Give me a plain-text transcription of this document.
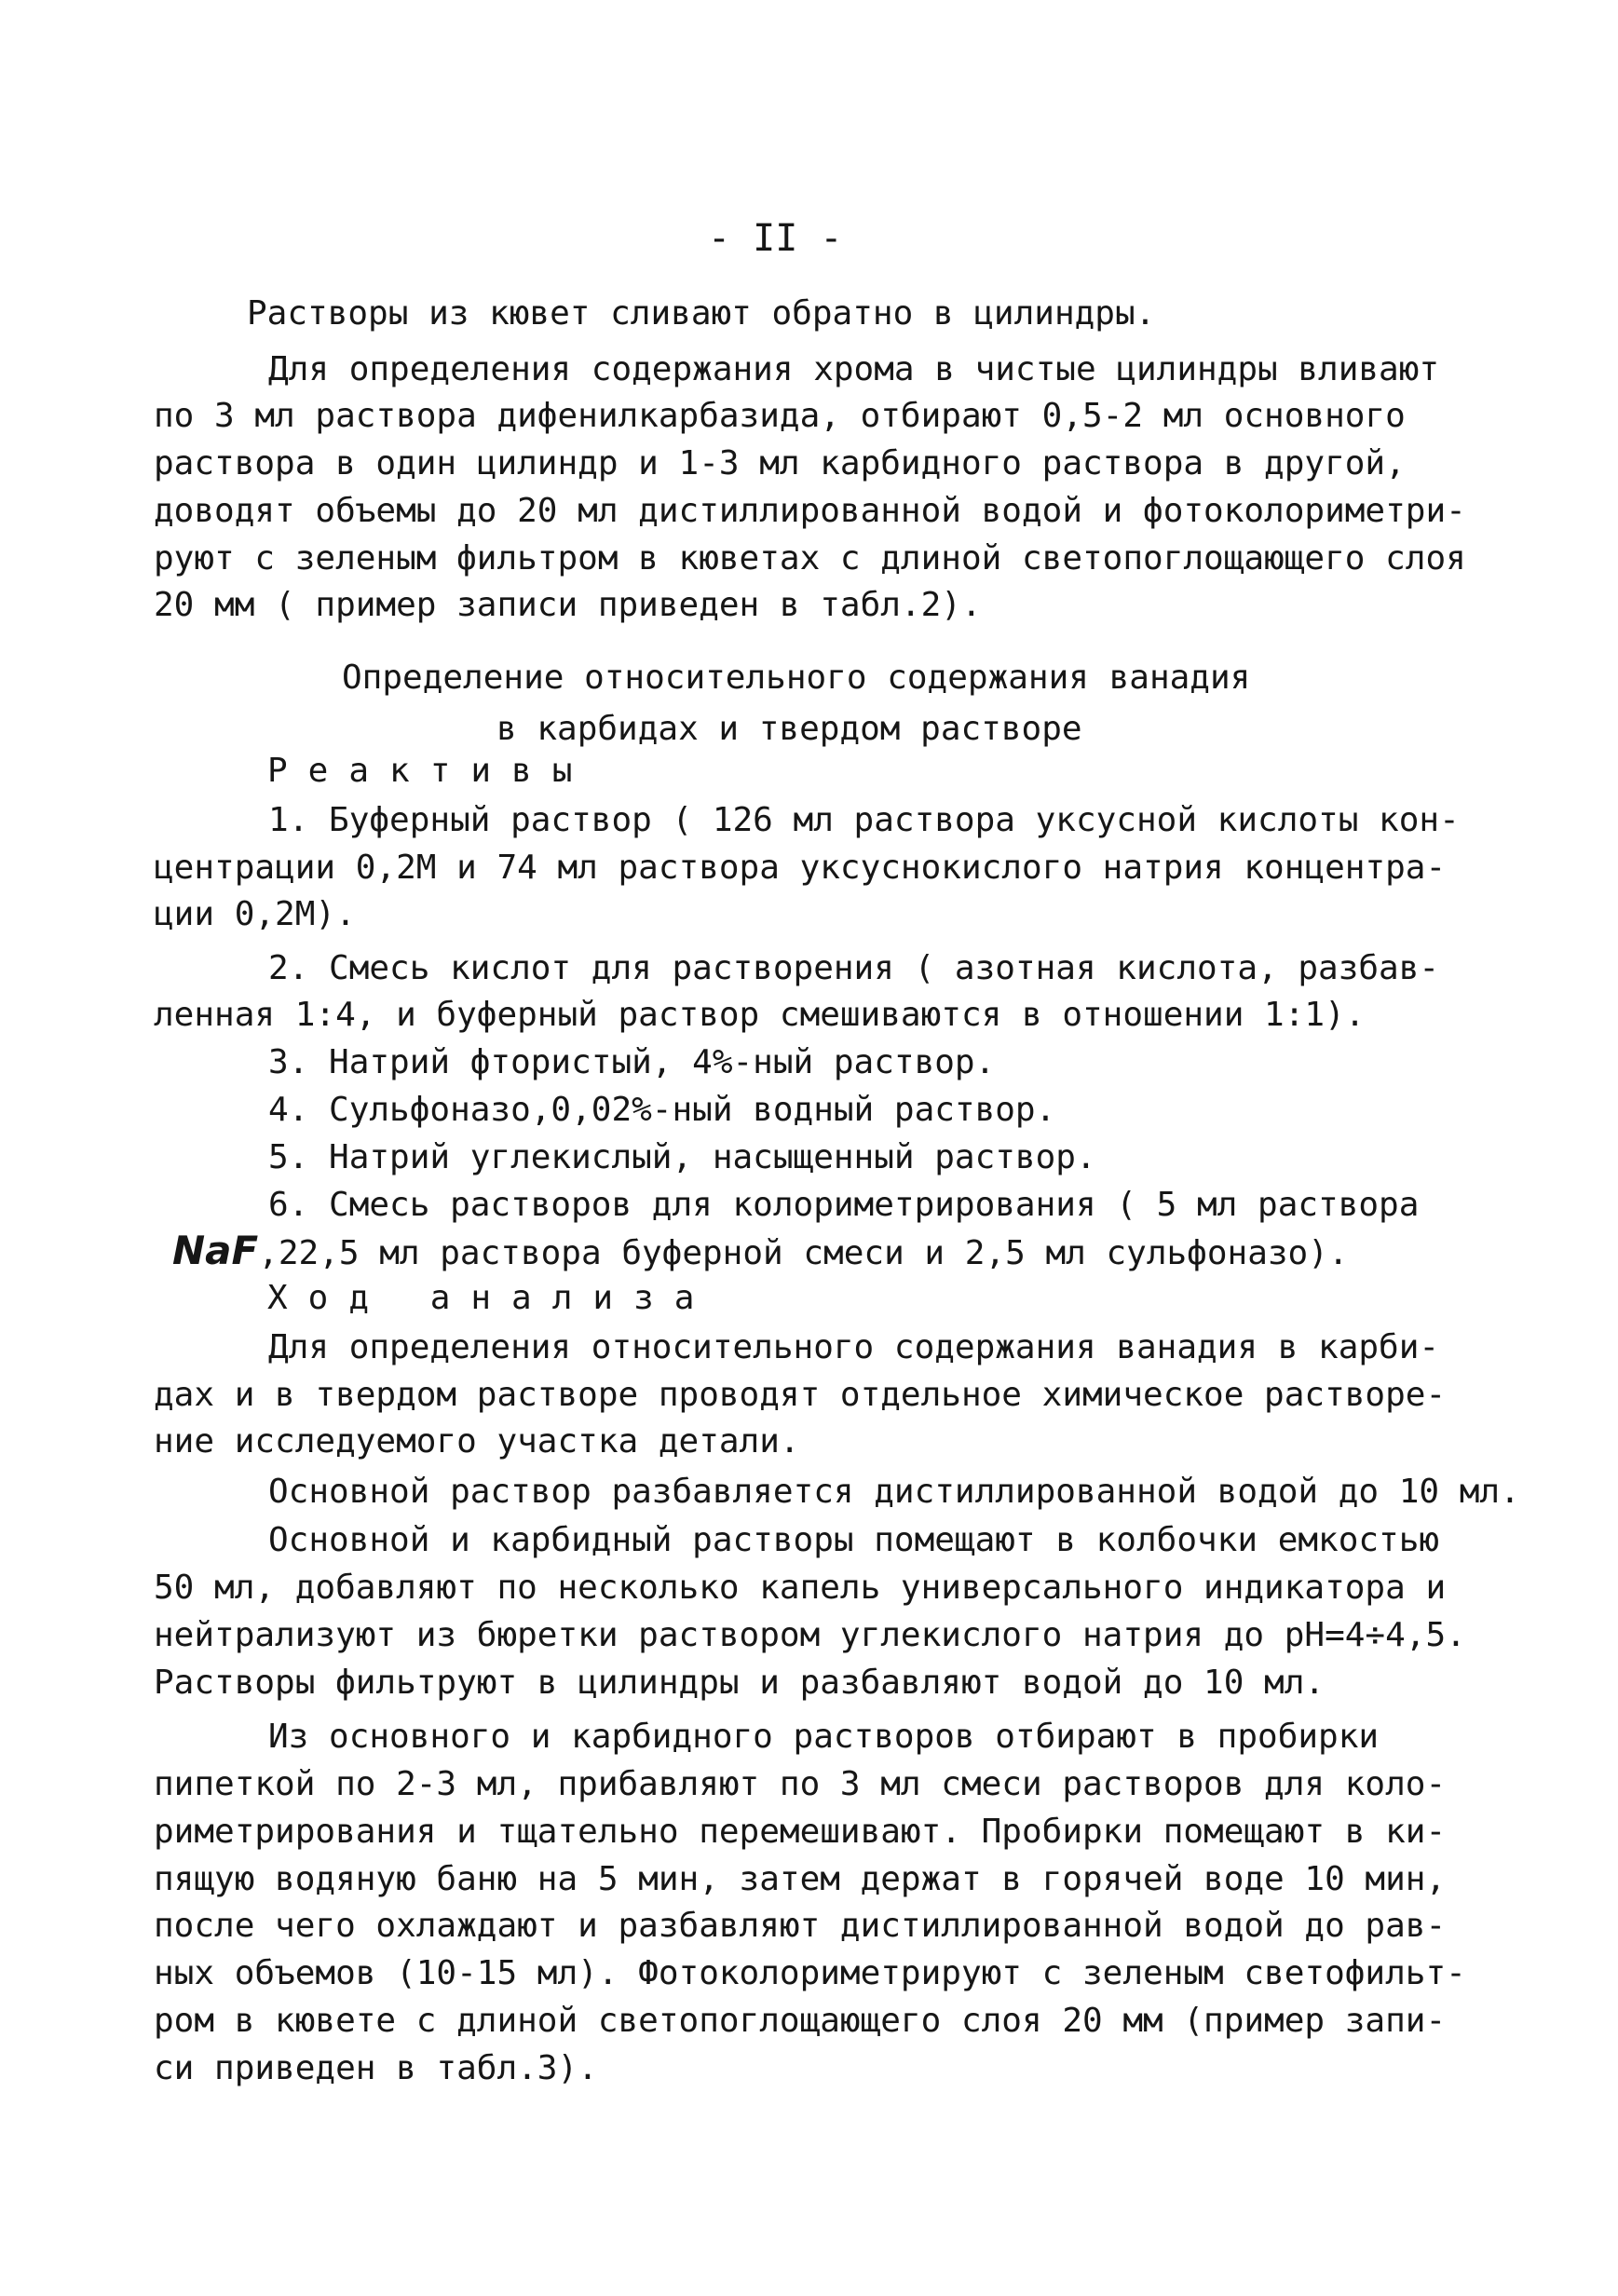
- II -
Растворы из кювет сливают обратно в цилиндры.
Для определения содержания хрома в чистые цилиндры вливают
по 3 мл раствора дифенилкарбазида, отбирают 0,5-2 мл основного
раствора в один цилиндр и 1-3 мл карбидного раствора в другой,
доводят объемы до 20 мл дистиллированной водой и фотоколориметри-
руют с зеленым фильтром в кюветах с длиной светопоглощающего слоя
20 мм ( пример записи приведен в табл.2).
Определение относительного содержания ванадия
в карбидах и твердом растворе
Реактивы
1. Буферный раствор ( 126 мл раствора уксусной кислоты кон-
центрации 0,2М и 74 мл раствора уксуснокислого натрия концентра-
ции 0,2М).
2. Смесь кислот для растворения ( азотная кислота, разбав-
ленная 1:4, и буферный раствор смешиваются в отношении 1:1).
3. Натрий фтористый, 4%-ный раствор.
4. Сульфоназо,0,02%-ный водный раствор.
5. Натрий углекислый, насыщенный раствор.
6. Смесь растворов для колориметрирования ( 5 мл раствора
NaF,22,5 мл раствора буферной смеси и 2,5 мл сульфоназо).
Ход анализа
Для определения относительного содержания ванадия в карби-
дах и в твердом растворе проводят отдельное химическое растворе-
ние исследуемого участка детали.
Основной раствор разбавляется дистиллированной водой до 10 мл.
Основной и карбидный растворы помещают в колбочки емкостью
50 мл, добавляют по несколько капель универсального индикатора и
нейтрализуют из бюретки раствором углекислого натрия до pH=4÷4,5.
Растворы фильтруют в цилиндры и разбавляют водой до 10 мл.
Из основного и карбидного растворов отбирают в пробирки
пипеткой по 2-3 мл, прибавляют по 3 мл смеси растворов для коло-
риметрирования и тщательно перемешивают. Пробирки помещают в ки-
пящую водяную баню на 5 мин, затем держат в горячей воде 10 мин,
после чего охлаждают и разбавляют дистиллированной водой до рав-
ных объемов (10-15 мл). Фотоколориметрируют с зеленым светофильт-
ром в кювете с длиной светопоглощающего слоя 20 мм (пример запи-
си приведен в табл.3).
